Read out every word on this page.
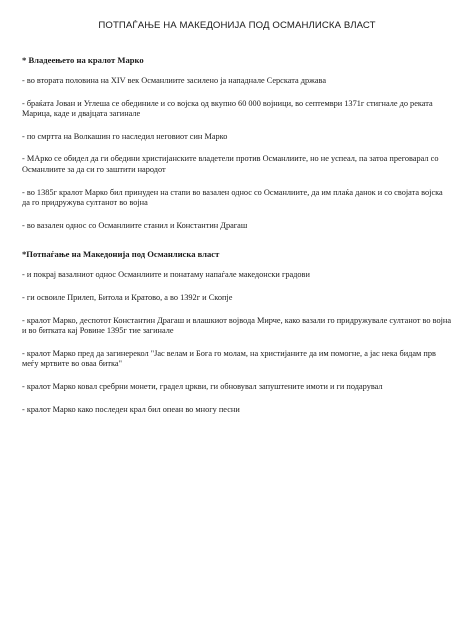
ПОТПАЃАЊЕ НА МАКЕДОНИЈА ПОД ОСМАНЛИСКА ВЛАСТ
* Владеењето на кралот Марко

- во втората половина на XIV век Османлиите засилено ја нападнале Серската држава

- браќата Јован и Углеша се обединиле и со војска од вкупно 60 000 војници, во септември 1371г стигнале до реката Марица, каде и двајцата загинале

- по смртта на Волкашин го наследил неговиот син Марко

- МАрко се обидел да ги обедини христијанските владетели против Османлиите, но не успеал, па затоа преговарал со Османлиите за да си го заштити народот

- во 1385г кралот Марко бил принуден на стапи во вазален однос со Османлиите, да им плаќа данок и со својата војска да го придружува султанот во војна

- во вазален однос со Османлиите станил и Константин Драгаш

*Потпаѓање на Македонија под Османлиска власт

- и покрај вазалниот однос Османлиите и понатаму напаѓале македонски градови

- ги освоиле Прилеп, Битола и Кратово, а во 1392г и Скопје

- кралот Марко, деспотот Константин Драгаш и влашкиот војвода Мирче, како вазали го придружувале султанот во војна и во битката кај Ровине 1395г тие загинале

- кралот Марко пред да загинерекол "Јас велам и Бога го молам, на христијаните да им помогне, а јас нека бидам прв меѓу мртвите во оваа битка"

- кралот Марко ковал сребрни монети, градел цркви, ги обновувал запуштените имоти и ги подарувал

- кралот Марко како последен крал бил опеан во многу песни
